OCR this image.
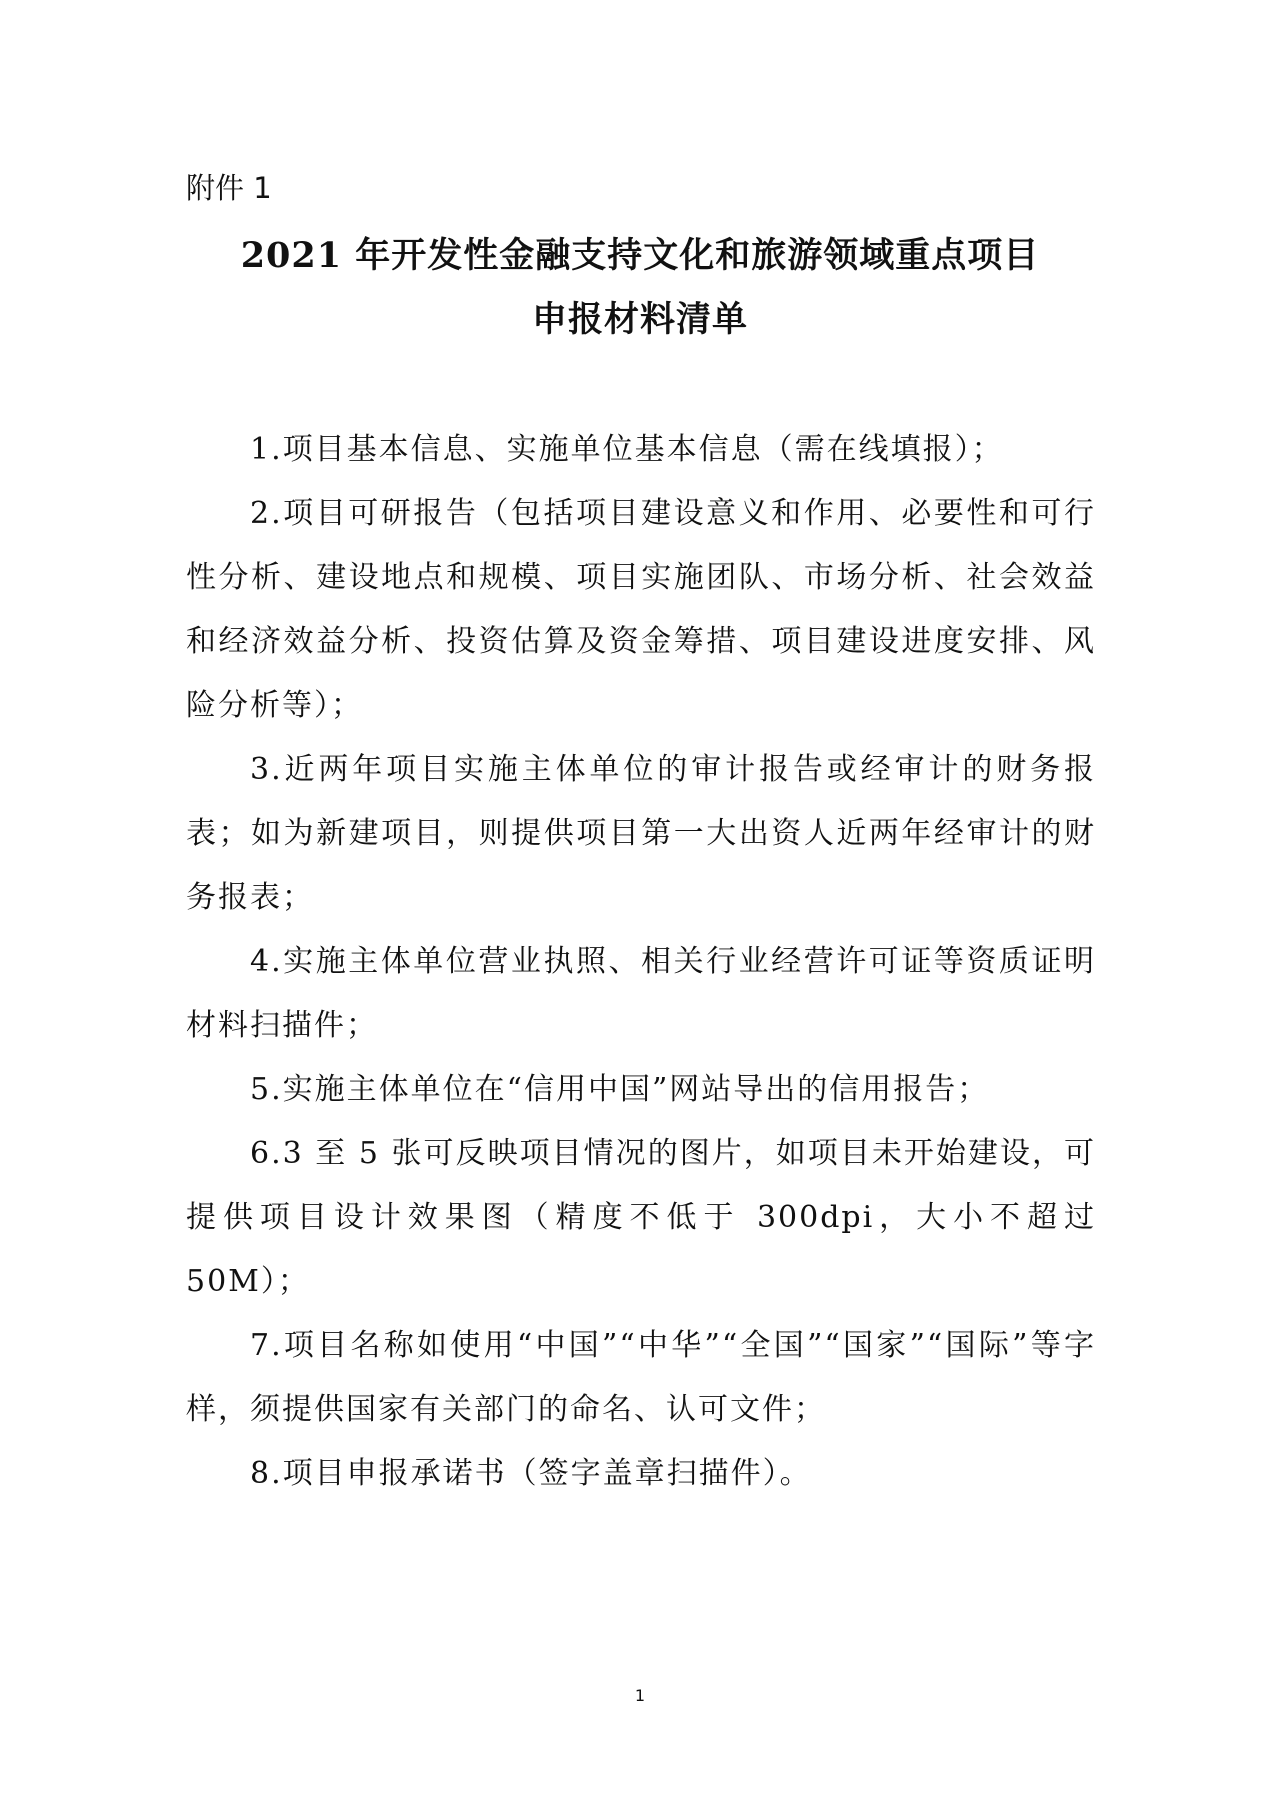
附件 1
2021 年开发性金融支持文化和旅游领域重点项目
申报材料清单

1.项目基本信息、实施单位基本信息（需在线填报）；

2.项目可研报告（包括项目建设意义和作用、必要性和可行性分析、建设地点和规模、项目实施团队、市场分析、社会效益和经济效益分析、投资估算及资金筹措、项目建设进度安排、风险分析等）；

3.近两年项目实施主体单位的审计报告或经审计的财务报表；如为新建项目，则提供项目第一大出资人近两年经审计的财务报表；

4.实施主体单位营业执照、相关行业经营许可证等资质证明材料扫描件；

5.实施主体单位在“信用中国”网站导出的信用报告；

6.3 至 5 张可反映项目情况的图片，如项目未开始建设，可提供项目设计效果图（精度不低于 300dpi，大小不超过 50M）；

7.项目名称如使用“中国”“中华”“全国”“国家”“国际”等字样，须提供国家有关部门的命名、认可文件；

8.项目申报承诺书（签字盖章扫描件）。

1
